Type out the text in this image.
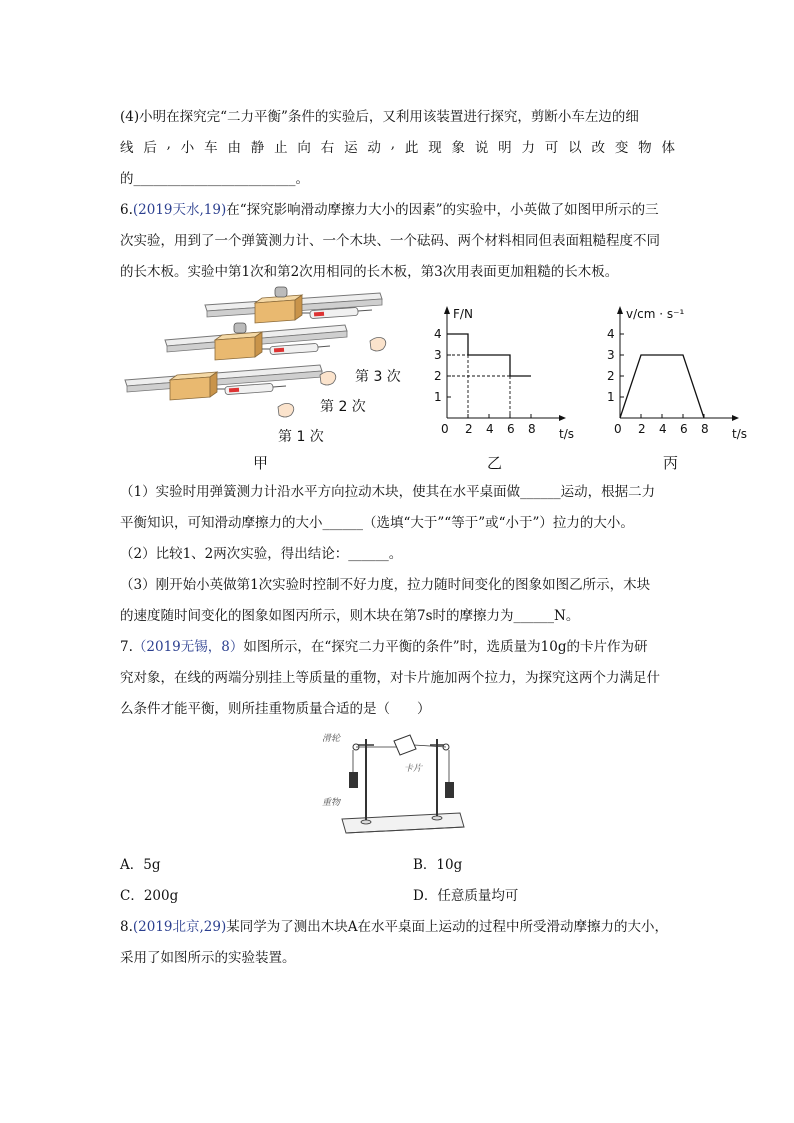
(4)小明在探究完“二力平衡”条件的实验后，又利用该装置进行探究，剪断小车左边的细
线 后 , 小 车 由 静 止 向 右 运 动 , 此 现 象 说 明 力 可 以 改 变 物 体
的________________________。
6.(2019天水,19)在“探究影响滑动摩擦力大小的因素”的实验中，小英做了如图甲所示的三
次实验，用到了一个弹簧测力计、一个木块、一个砝码、两个材料相同但表面粗糙程度不同
的长木板。实验中第1次和第2次用相同的长木板，第3次用表面更加粗糙的长木板。
第 3 次
第 2 次
第 1 次
甲
1
2
3
4
0 2 4 6 8
F/N
t/s
乙
1
2
3
4
0 2 4 6 8
v/cm · s⁻¹
t/s
丙
（1）实验时用弹簧测力计沿水平方向拉动木块，使其在水平桌面做______运动，根据二力
平衡知识，可知滑动摩擦力的大小______（选填“大于”“等于”或“小于”）拉力的大小。
（2）比较1、2两次实验，得出结论：______。
（3）刚开始小英做第1次实验时控制不好力度，拉力随时间变化的图象如图乙所示，木块
的速度随时间变化的图象如图丙所示，则木块在第7s时的摩擦力为______N。
7.（2019无锡，8）如图所示，在“探究二力平衡的条件”时，选质量为10g的卡片作为研
究对象，在线的两端分别挂上等质量的重物，对卡片施加两个拉力，为探究这两个力满足什
么条件才能平衡，则所挂重物质量合适的是（　　）
滑轮
卡片
重物
A．5g	B．10g
C．200g	D．任意质量均可
8.(2019北京,29)某同学为了测出木块A在水平桌面上运动的过程中所受滑动摩擦力的大小，
采用了如图所示的实验装置。
